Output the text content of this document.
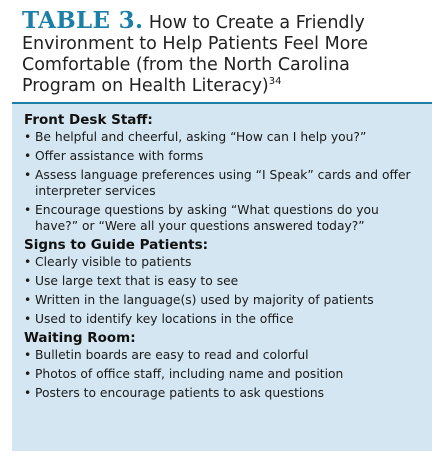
TABLE 3. How to Create a Friendly Environment to Help Patients Feel More Comfortable (from the North Carolina Program on Health Literacy)$^{34}$
Front Desk Staff:
• Be helpful and cheerful, asking “How can I help you?”
• Offer assistance with forms
• Assess language preferences using “I Speak” cards and offer interpreter services
• Encourage questions by asking “What questions do you have?” or “Were all your questions answered today?”
Signs to Guide Patients:
• Clearly visible to patients
• Use large text that is easy to see
• Written in the language(s) used by majority of patients
• Used to identify key locations in the office
Waiting Room:
• Bulletin boards are easy to read and colorful
• Photos of office staff, including name and position
• Posters to encourage patients to ask questions
